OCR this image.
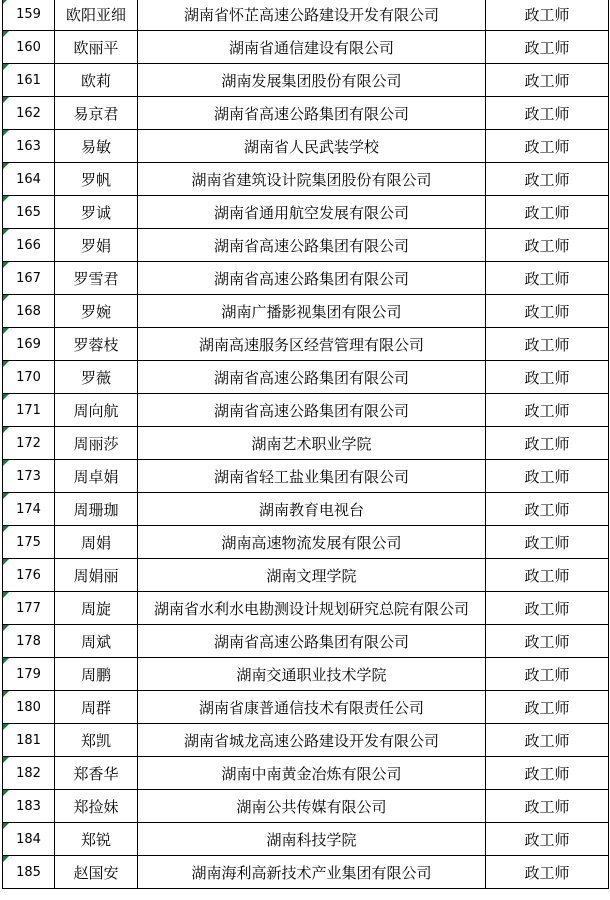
159	欧阳亚细	湖南省怀芷高速公路建设开发有限公司	政工师
160	欧丽平	湖南省通信建设有限公司	政工师
161	欧莉	湖南发展集团股份有限公司	政工师
162	易京君	湖南省高速公路集团有限公司	政工师
163	易敏	湖南省人民武装学校	政工师
164	罗帆	湖南省建筑设计院集团股份有限公司	政工师
165	罗诚	湖南省通用航空发展有限公司	政工师
166	罗娟	湖南省高速公路集团有限公司	政工师
167	罗雪君	湖南省高速公路集团有限公司	政工师
168	罗婉	湖南广播影视集团有限公司	政工师
169	罗蓉枝	湖南高速服务区经营管理有限公司	政工师
170	罗薇	湖南省高速公路集团有限公司	政工师
171	周向航	湖南省高速公路集团有限公司	政工师
172	周丽莎	湖南艺术职业学院	政工师
173	周卓娟	湖南省轻工盐业集团有限公司	政工师
174	周珊珈	湖南教育电视台	政工师
175	周娟	湖南高速物流发展有限公司	政工师
176	周娟丽	湖南文理学院	政工师
177	周旋	湖南省水利水电勘测设计规划研究总院有限公司	政工师
178	周斌	湖南省高速公路集团有限公司	政工师
179	周鹏	湖南交通职业技术学院	政工师
180	周群	湖南省康普通信技术有限责任公司	政工师
181	郑凯	湖南省城龙高速公路建设开发有限公司	政工师
182	郑香华	湖南中南黄金冶炼有限公司	政工师
183	郑捡妹	湖南公共传媒有限公司	政工师
184	郑锐	湖南科技学院	政工师
185	赵国安	湖南海利高新技术产业集团有限公司	政工师
